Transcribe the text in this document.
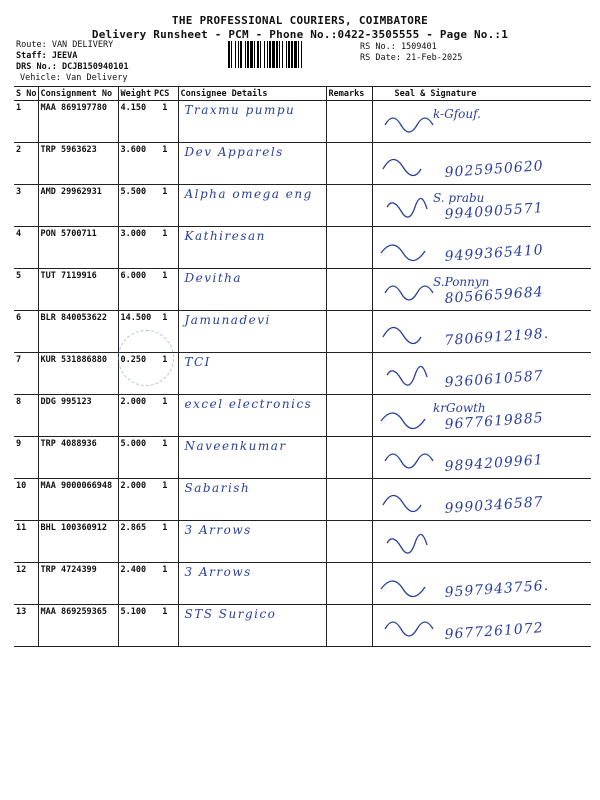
THE PROFESSIONAL COURIERS, COIMBATORE
Delivery Runsheet - PCM - Phone No.:0422-3505555 - Page No.:1
Route: VAN DELIVERY
Staff: JEEVA
DRS No.: DCJB150940101
Vehicle: Van Delivery
RS No.: 1509401
RS Date: 21-Feb-2025
S No	Consignment No	Weight	PCS	Consignee Details	Remarks	Seal & Signature
1	MAA 869197780	4.150	1	Traxmu pumpu		k-Gfouf.

2	TRP 5963623	3.600	1	Dev Apparels		9025950620

3	AMD 29962931	5.500	1	Alpha omega eng		S. prabu
9940905571

4	PON 5700711	3.000	1	Kathiresan		9499365410

5	TUT 7119916	6.000	1	Devitha		S.Ponnyn
8056659684

6	BLR 840053622	14.500	1	Jamunadevi		7806912198.

7	KUR 531886880	0.250	1	TCI		9360610587

8	DDG 995123	2.000	1	excel electronics		krGowth
9677619885

9	TRP 4088936	5.000	1	Naveenkumar		9894209961

10	MAA 9000066948	2.000	1	Sabarish		9990346587

11	BHL 100360912	2.865	1	3 Arrows		

12	TRP 4724399	2.400	1	3 Arrows		9597943756.

13	MAA 869259365	5.100	1	STS Surgico		9677261072
